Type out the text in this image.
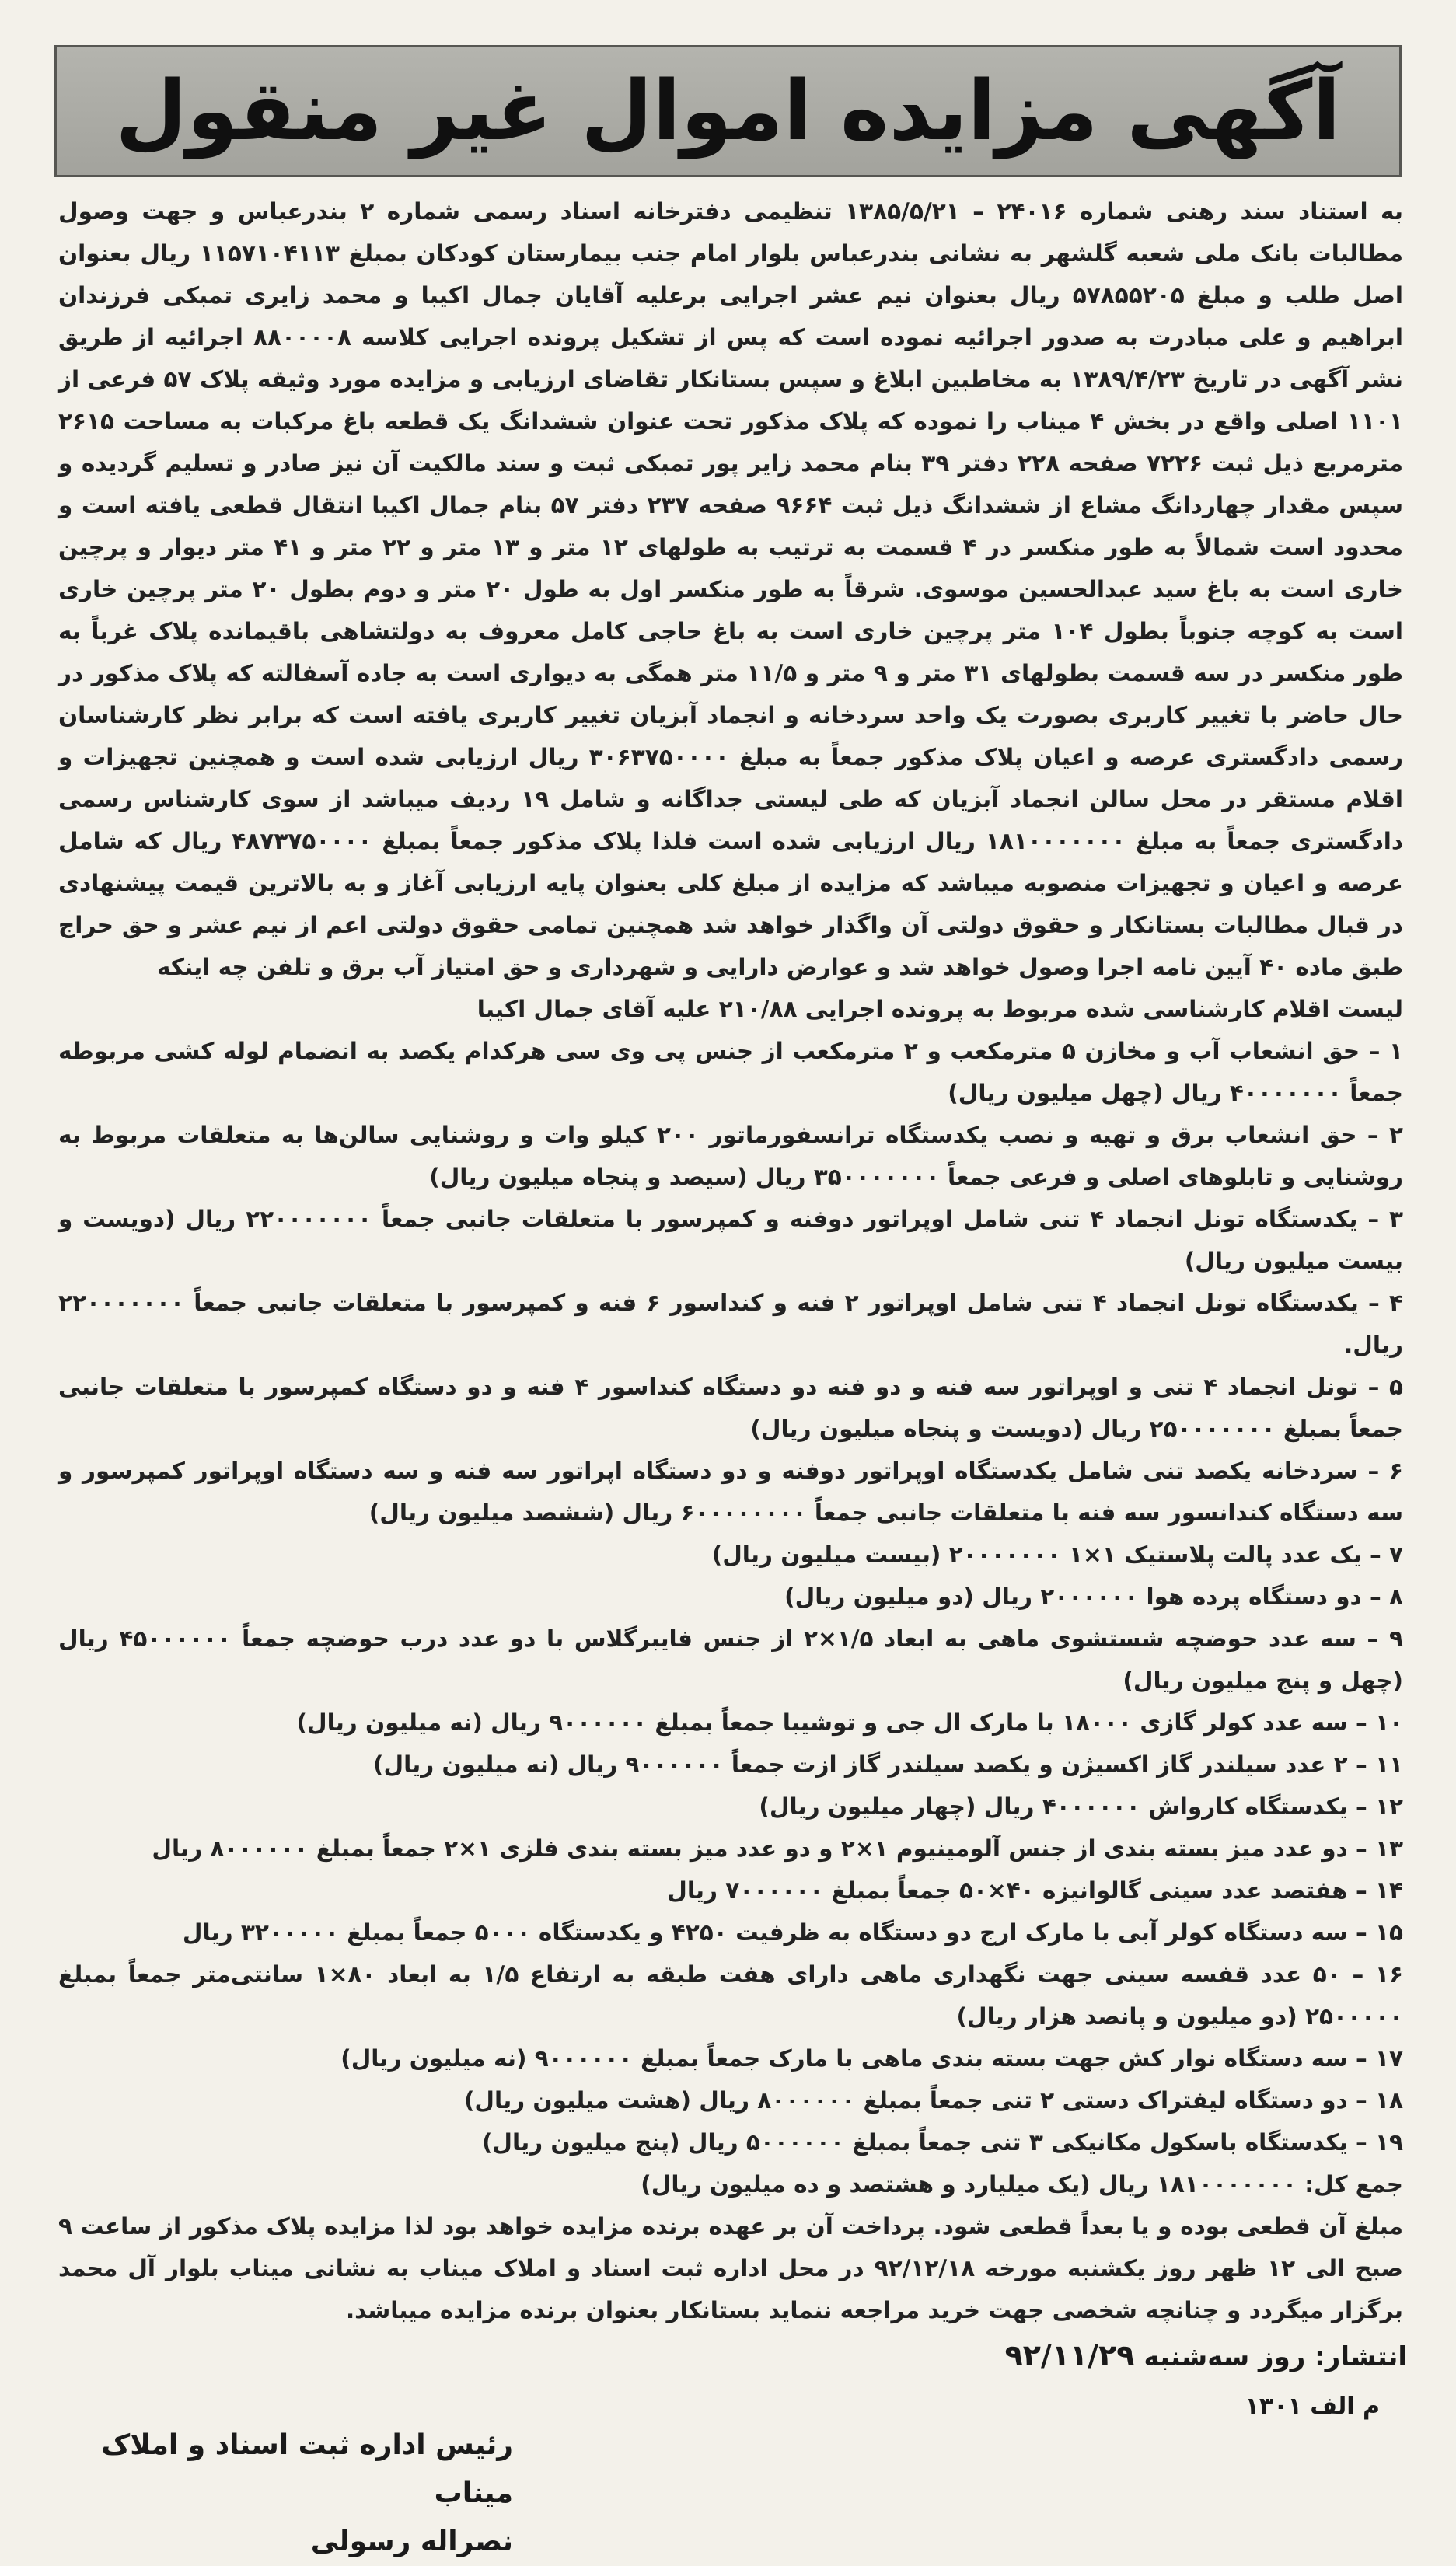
آگهی مزایده اموال غیر منقول

به استناد سند رهنی شماره ۲۴۰۱۶ – ۱۳۸۵/۵/۲۱ تنظیمی دفترخانه اسناد رسمی شماره ۲ بندرعباس و جهت وصول مطالبات بانک ملی شعبه گلشهر به نشانی بندرعباس بلوار امام جنب بیمارستان کودکان بمبلغ ۱۱۵۷۱۰۴۱۱۳ ریال بعنوان اصل طلب و مبلغ ۵۷۸۵۵۲۰۵ ریال بعنوان نیم عشر اجرایی برعلیه آقایان جمال اکیبا و محمد زایری تمبکی فرزندان ابراهیم و علی مبادرت به صدور اجرائیه نموده است که پس از تشکیل پرونده اجرایی کلاسه ۸۸۰۰۰۰۸ اجرائیه از طریق نشر آگهی در تاریخ ۱۳۸۹/۴/۲۳ به مخاطبین ابلاغ و سپس بستانکار تقاضای ارزیابی و مزایده مورد وثیقه پلاک ۵۷ فرعی از ۱۱۰۱ اصلی واقع در بخش ۴ میناب را نموده که پلاک مذکور تحت عنوان ششدانگ یک قطعه باغ مرکبات به مساحت ۲۶۱۵ مترمربع ذیل ثبت ۷۲۲۶ صفحه ۲۲۸ دفتر ۳۹ بنام محمد زایر پور تمبکی ثبت و سند مالکیت آن نیز صادر و تسلیم گردیده و سپس مقدار چهاردانگ مشاع از ششدانگ ذیل ثبت ۹۶۶۴ صفحه ۲۳۷ دفتر ۵۷ بنام جمال اکیبا انتقال قطعی یافته است و محدود است شمالاً به طور منکسر در ۴ قسمت به ترتیب به طولهای ۱۲ متر و ۱۳ متر و ۲۲ متر و ۴۱ متر دیوار و پرچین خاری است به باغ سید عبدالحسین موسوی. شرقاً به طور منکسر اول به طول ۲۰ متر و دوم بطول ۲۰ متر پرچین خاری است به کوچه جنوباً بطول ۱۰۴ متر پرچین خاری است به باغ حاجی کامل معروف به دولتشاهی باقیمانده پلاک غرباً به طور منکسر در سه قسمت بطولهای ۳۱ متر و ۹ متر و ۱۱/۵ متر همگی به دیواری است به جاده آسفالته که پلاک مذکور در حال حاضر با تغییر کاربری بصورت یک واحد سردخانه و انجماد آبزیان تغییر کاربری یافته است که برابر نظر کارشناسان رسمی دادگستری عرصه و اعیان پلاک مذکور جمعاً به مبلغ ۳۰۶۳۷۵۰۰۰۰ ریال ارزیابی شده است و همچنین تجهیزات و اقلام مستقر در محل سالن انجماد آبزیان که طی لیستی جداگانه و شامل ۱۹ ردیف میباشد از سوی کارشناس رسمی دادگستری جمعاً به مبلغ ۱۸۱۰۰۰۰۰۰۰ ریال ارزیابی شده است فلذا پلاک مذکور جمعاً بمبلغ ۴۸۷۳۷۵۰۰۰۰ ریال که شامل عرصه و اعیان و تجهیزات منصوبه میباشد که مزایده از مبلغ کلی بعنوان پایه ارزیابی آغاز و به بالاترین قیمت پیشنهادی در قبال مطالبات بستانکار و حقوق دولتی آن واگذار خواهد شد همچنین تمامی حقوق دولتی اعم از نیم عشر و حق حراج طبق ماده ۴۰ آیین نامه اجرا وصول خواهد شد و عوارض دارایی و شهرداری و حق امتیاز آب برق و تلفن چه اینکه

لیست اقلام کارشناسی شده مربوط به پرونده اجرایی ۲۱۰/۸۸ علیه آقای جمال اکیبا

۱ – حق انشعاب آب و مخازن ۵ مترمکعب و ۲ مترمکعب از جنس پی وی سی هرکدام یکصد به انضمام لوله کشی مربوطه جمعاً ۴۰۰۰۰۰۰۰ ریال (چهل میلیون ریال)
۲ – حق انشعاب برق و تهیه و نصب یکدستگاه ترانسفورماتور ۲۰۰ کیلو وات و روشنایی سالن‌ها به متعلقات مربوط به روشنایی و تابلوهای اصلی و فرعی جمعاً ۳۵۰۰۰۰۰۰۰ ریال (سیصد و پنجاه میلیون ریال)
۳ – یکدستگاه تونل انجماد ۴ تنی شامل اوپراتور دوفنه و کمپرسور با متعلقات جانبی جمعاً ۲۲۰۰۰۰۰۰۰ ریال (دویست و بیست میلیون ریال)
۴ – یکدستگاه تونل انجماد ۴ تنی شامل اوپراتور ۲ فنه و کنداسور ۶ فنه و کمپرسور با متعلقات جانبی جمعاً ۲۲۰۰۰۰۰۰۰ ریال.
۵ – تونل انجماد ۴ تنی و اوپراتور سه فنه و دو فنه دو دستگاه کنداسور ۴ فنه و دو دستگاه کمپرسور با متعلقات جانبی جمعاً بمبلغ ۲۵۰۰۰۰۰۰۰ ریال (دویست و پنجاه میلیون ریال)
۶ – سردخانه یکصد تنی شامل یکدستگاه اوپراتور دوفنه و دو دستگاه اپراتور سه فنه و سه دستگاه اوپراتور کمپرسور و سه دستگاه کندانسور سه فنه با متعلقات جانبی جمعاً ۶۰۰۰۰۰۰۰۰ ریال (ششصد میلیون ریال)
۷ – یک عدد پالت پلاستیک ۱×۱ ۲۰۰۰۰۰۰۰ (بیست میلیون ریال)
۸ – دو دستگاه پرده هوا ۲۰۰۰۰۰۰ ریال (دو میلیون ریال)
۹ – سه عدد حوضچه شستشوی ماهی به ابعاد ۱/۵×۲ از جنس فایبرگلاس با دو عدد درب حوضچه جمعاً ۴۵۰۰۰۰۰۰ ریال (چهل و پنج میلیون ریال)
۱۰ – سه عدد کولر گازی ۱۸۰۰۰ با مارک ال جی و توشیبا جمعاً بمبلغ ۹۰۰۰۰۰۰ ریال (نه میلیون ریال)
۱۱ – ۲ عدد سیلندر گاز اکسیژن و یکصد سیلندر گاز ازت جمعاً ۹۰۰۰۰۰۰ ریال (نه میلیون ریال)
۱۲ – یکدستگاه کارواش ۴۰۰۰۰۰۰ ریال (چهار میلیون ریال)
۱۳ – دو عدد میز بسته بندی از جنس آلومینیوم ۱×۲ و دو عدد میز بسته بندی فلزی ۱×۲ جمعاً بمبلغ ۸۰۰۰۰۰۰ ریال
۱۴ – هفتصد عدد سینی گالوانیزه ۴۰×۵۰ جمعاً بمبلغ ۷۰۰۰۰۰۰ ریال
۱۵ – سه دستگاه کولر آبی با مارک ارج دو دستگاه به ظرفیت ۴۲۵۰ و یکدستگاه ۵۰۰۰ جمعاً بمبلغ ۳۲۰۰۰۰۰ ریال
۱۶ – ۵۰ عدد قفسه سینی جهت نگهداری ماهی دارای هفت طبقه به ارتفاع ۱/۵ به ابعاد ۸۰×۱ سانتی‌متر جمعاً بمبلغ ۲۵۰۰۰۰۰ (دو میلیون و پانصد هزار ریال)
۱۷ – سه دستگاه نوار کش جهت بسته بندی ماهی با مارک جمعاً بمبلغ ۹۰۰۰۰۰۰ (نه میلیون ریال)
۱۸ – دو دستگاه لیفتراک دستی ۲ تنی جمعاً بمبلغ ۸۰۰۰۰۰۰ ریال (هشت میلیون ریال)
۱۹ – یکدستگاه باسکول مکانیکی ۳ تنی جمعاً بمبلغ ۵۰۰۰۰۰۰ ریال (پنج میلیون ریال)

جمع کل: ۱۸۱۰۰۰۰۰۰۰ ریال (یک میلیارد و هشتصد و ده میلیون ریال)

مبلغ آن قطعی بوده و یا بعداً قطعی شود. پرداخت آن بر عهده برنده مزایده خواهد بود لذا مزایده پلاک مذکور از ساعت ۹ صبح الی ۱۲ ظهر روز یکشنبه مورخه ۹۲/۱۲/۱۸ در محل اداره ثبت اسناد و املاک میناب به نشانی میناب بلوار آل محمد برگزار میگردد و چنانچه شخصی جهت خرید مراجعه ننماید بستانکار بعنوان برنده مزایده میباشد.

انتشار: روز سه‌شنبه ۹۲/۱۱/۲۹
م الف ۱۳۰۱
رئیس اداره ثبت اسناد و املاک میناب
نصراله رسولی
